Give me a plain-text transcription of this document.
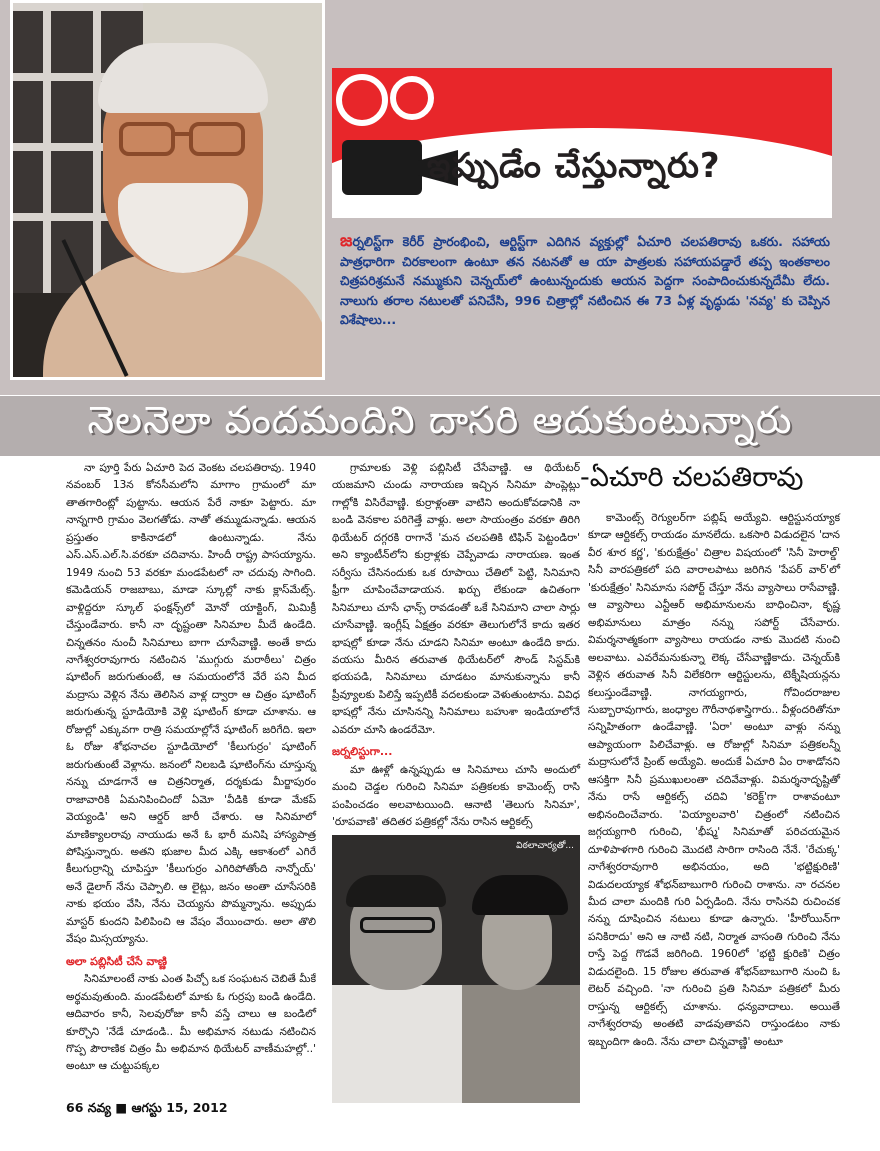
ఇప్పుడేం చేస్తున్నారు?
జర్నలిస్ట్‌గా కెరీర్ ప్రారంభించి, ఆర్టిస్ట్‌గా ఎదిగిన వ్యక్తుల్లో ఏచూరి చలపతిరావు ఒకరు. సహాయ పాత్రధారిగా చిరకాలంగా ఉంటూ తన నటనతో ఆ యా పాత్రలకు సహాయపడ్డారే తప్ప ఇంతకాలం చిత్రపరిశ్రమనే నమ్ముకుని చెన్నయ్‌లో ఉంటున్నందుకు ఆయన పెద్దగా సంపాదించుకున్నదేమీ లేదు. నాలుగు తరాల నటులతో పనిచేసి, 996 చిత్రాల్లో నటించిన ఈ 73 ఏళ్ల వృద్ధుడు 'నవ్య' కు చెప్పిన విశేషాలు...
నెలనెలా వందమందిని దాసరి ఆదుకుంటున్నారు
-ఏచూరి చలపతిరావు

నా పూర్తి పేరు ఏచూరి పెద వెంకట చలపతిరావు. 1940 నవంబర్ 13న కోనసీమలోని మాగాం గ్రామంలో మా తాతగారింట్లో పుట్టాను. ఆయన పేరే నాకూ పెట్టారు. మా నాన్నగారి గ్రామం వెలగతోడు. నాతో తమ్ముడున్నాడు. ఆయన ప్రస్తుతం కాకినాడలో ఉంటున్నాడు. నేను ఎస్.ఎస్.ఎల్.సి.వరకూ చదివాను. హిందీ రాష్ట్ర పాసయ్యాను. 1949 నుంచి 53 వరకూ మండపేటలో నా చదువు సాగింది. కమెడియన్ రాజబాబు, మాడా స్కూల్లో నాకు క్లాస్‌మేట్స్. వాళ్లిద్దరూ స్కూల్ ఫంక్షన్స్‌లో మోనో యాక్టింగ్, మిమిక్రీ చేస్తుండేవారు. కానీ నా దృష్టంతా సినిమాల మీదే ఉండేది. చిన్నతనం నుంచీ సినిమాలు బాగా చూసేవాణ్ణి. అంతే కాదు నాగేశ్వరరావుగారు నటించిన 'ముగ్గురు మరాఠీలు' చిత్రం షూటింగ్ జరుగుతుంటే, ఆ సమయంలోనే వేరే పని మీద మద్రాసు వెళ్లిన నేను తెలిసిన వాళ్ల ద్వారా ఆ చిత్రం షూటింగ్ జరుగుతున్న స్టూడియోకి వెళ్లి షూటింగ్ కూడా చూశాను. ఆ రోజుల్లో ఎక్కువగా రాత్రి సమయాల్లోనే షూటింగ్ జరిగేది. ఇలా ఓ రోజు శోభనాచల స్టూడియోలో 'కీలుగుర్రం' షూటింగ్ జరుగుతుంటే వెళ్లాను. జనంలో నిలబడి షూటింగ్‌ను చూస్తున్న నన్ను చూడగానే ఆ చిత్రనిర్మాత, దర్శకుడు మీర్జాపురం రాజావారికి ఏమనిపించిందో ఏమో 'వీడికి కూడా మేకప్ వెయ్యండి' అని ఆర్డర్ జారీ చేశారు. ఆ సినిమాలో మాణిక్యాలరావు నాయుడు అనే ఓ భారీ మనిషి హాస్యపాత్ర పోషిస్తున్నారు. అతని భుజాల మీద ఎక్కి ఆకాశంలో ఎగిరే కీలుగుర్రాన్ని చూపిస్తూ 'కీలుగుర్రం ఎగిరిపోతోంది నాన్నోయ్' అనే డైలాగ్ నేను చెప్పాలి. ఆ లైట్లు, జనం అంతా చూసేసరికి నాకు భయం వేసి, నేను చెయ్యను పొమ్మన్నాను. అప్పుడు మాస్టర్ కుందని పిలిపించి ఆ వేషం వేయించారు. అలా తొలి వేషం మిస్సయ్యాను.

అలా పబ్లిసిటీ చేసే వాణ్ణి

సినిమాలంటే నాకు ఎంత పిచ్చో ఒక సంఘటన చెబితే మీకే అర్థమవుతుంది. మండపేటలో మాకు ఓ గుర్రపు బండి ఉండేది. ఆదివారం కానీ, సెలవురోజు కానీ వస్తే చాలు ఆ బండిలో కూర్చొని 'నేడే చూడండి.. మీ అభిమాన నటుడు నటించిన గొప్ప పౌరాణిక చిత్రం మీ అభిమాన థియేటర్ వాణీమహల్లో..' అంటూ ఆ చుట్టుపక్కల

గ్రామాలకు వెళ్లి పబ్లిసిటీ చేసేవాణ్ణి. ఆ థియేటర్ యజమాని చుండు నారాయణ ఇచ్చిన సినిమా పాంప్లెట్లు గాల్లోకి విసిరేవాణ్ణి. కుర్రాళ్లంతా వాటిని అందుకోవడానికి నా బండి వెనకాల పరిగెత్తే వాళ్లు. అలా సాయంత్రం వరకూ తిరిగి థియేటర్ దగ్గరకి రాగానే 'మన చలపతికి టిఫిన్ పెట్టండిరా' అని క్యాంటీన్‌లోని కుర్రాళ్లకు చెప్పేవాడు నారాయణ. ఇంత సర్వీసు చేసినందుకు ఒక రూపాయి చేతిలో పెట్టి, సినిమాని ఫ్రీగా చూపించేవాడాయన. ఖర్చు లేకుండా ఉచితంగా సినిమాలు చూసే ఛాన్స్ రావడంతో ఒకే సినిమాని చాలా సార్లు చూసేవాణ్ణి. ఇంగ్లీష్ ఏక్షత్రం వరకూ తెలుగులోనే కాదు ఇతర భాషల్లో కూడా నేను చూడని సినిమా అంటూ ఉండేది కాదు. వయసు మీరిన తరువాత థియేటర్‌లో సౌండ్ సిస్టమ్‌కి భయపడి, సినిమాలు చూడటం మానుకున్నాను కానీ ప్రీవ్యూలకు పిలిస్తే ఇప్పటికీ వదలకుండా వెళుతుంటాను. వివిధ భాషల్లో నేను చూసినన్ని సినిమాలు బహుశా ఇండియాలోనే ఎవరూ చూసి ఉండరేమో.

జర్నలిస్టుగా...

మా ఊళ్లో ఉన్నప్పుడు ఆ సినిమాలు చూసి అందులో మంచి చెడ్డల గురించి సినిమా పత్రికలకు కామెంట్స్ రాసి పంపించడం అలవాటయింది. ఆనాటి 'తెలుగు సినిమా', 'రూపవాణి' తదితర పత్రికల్లో నేను రాసిన ఆర్టికల్స్

విఠలాచార్యతో...

కామెంట్స్ రెగ్యులర్‌గా పబ్లిష్ అయ్యేవి. ఆర్టిస్టునయ్యాక కూడా ఆర్టికల్స్ రాయడం మానలేదు. ఒకసారి విడుదలైన 'దాన వీర శూర కర్ణ', 'కురుక్షేత్రం' చిత్రాల విషయంలో 'సినీ హెరాల్డ్' సినీ వారపత్రికలో పది వారాలపాటు జరిగిన 'పేపర్ వార్'లో 'కురుక్షేత్రం' సినిమాను సపోర్ట్ చేస్తూ నేను వ్యాసాలు రాసేవాణ్ణి. ఆ వ్యాసాలు ఎన్టీఆర్ అభిమానులను బాధించినా, కృష్ణ అభిమానులు మాత్రం నన్ను సపోర్ట్ చేసేవారు. విమర్శనాత్మకంగా వ్యాసాలు రాయడం నాకు మొదటి నుంచి అలవాటు. ఎవరేమనుకున్నా లెక్క చేసేవాణ్ణికాదు. చెన్నయ్‌కి వెళ్లిన తరువాత సినీ విలేకరిగా ఆర్టిస్టులను, టెక్నీషియన్లను కలుస్తుండేవాణ్ణి. నాగయ్యగారు, గోవిందరాజుల సుబ్బారావుగారు, జంధ్యాల గౌరీనాథశాస్త్రిగారు.. వీళ్లందరితోనూ సన్నిహితంగా ఉండేవాణ్ణి. 'ఏరా' అంటూ వాళ్లు నన్ను ఆప్యాయంగా పిలిచేవాళ్లు. ఆ రోజుల్లో సినిమా పత్రికలన్నీ మద్రాసులోనే ప్రింట్ అయ్యేవి. అందుకే ఏచూరి ఏం రాశాడోనని ఆసక్తిగా సినీ ప్రముఖులంతా చదివేవాళ్లు. విమర్శనాదృష్టితో నేను రాసే ఆర్టికల్స్ చదివి 'కరెక్ట్'గా రాశావంటూ అభినందించేవారు. 'వియ్యాలవారి' చిత్రంలో నటించిన జగ్గయ్యగారి గురించి, 'భీష్మ' సినిమాతో పరిచయమైన దూళిపాళగారి గురించి మొదటి సారిగా రాసింది నేనే. 'రేచుక్క' నాగేశ్వరరావుగారి అభినయం, అది 'భట్టిక్షురిణి' విడుదలయ్యాక శోభన్‌బాబుగారి గురించి రాశాను. నా రచనల మీద చాలా మందికి గురి ఏర్పడింది. నేను రాసినవి రుచించక నన్ను దూషించిన నటులు కూడా ఉన్నారు. 'హీరోయిన్‌గా పనికిరాదు' అని ఆ నాటి నటి, నిర్మాత వాసంతి గురించి నేను రాస్తే పెద్ద గొడవే జరిగింది. 1960లో 'భట్టి క్షురిణి' చిత్రం విడుదలైంది. 15 రోజుల తరువాత శోభన్‌బాబుగారి నుంచి ఓ లెటర్ వచ్చింది. 'నా గురించి ప్రతి సినిమా పత్రికలో మీరు రాస్తున్న ఆర్టికల్స్ చూశాను. ధన్యవాదాలు. అయితే నాగేశ్వరరావు అంతటి వాడవుతావని రాస్తుండటం నాకు ఇబ్బందిగా ఉంది. నేను చాలా చిన్నవాణ్ణి' అంటూ

66 నవ్య ■ ఆగస్టు 15, 2012
